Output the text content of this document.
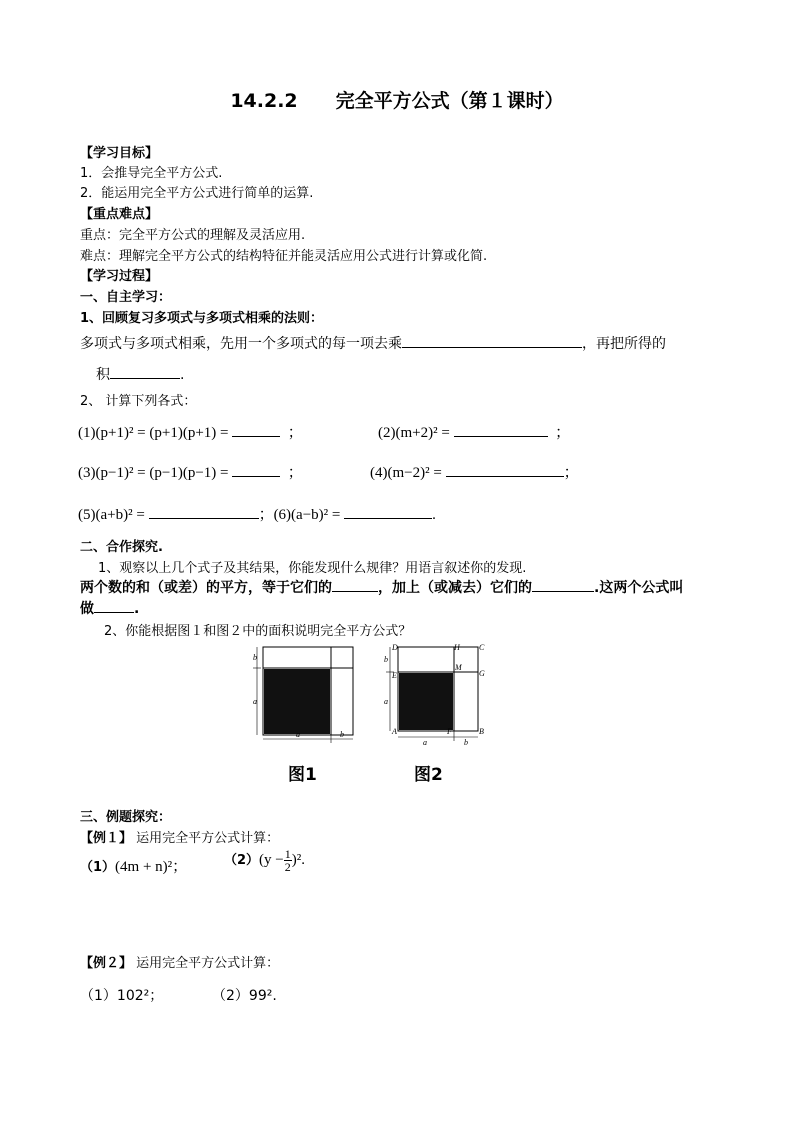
14.2.2　　完全平方公式（第１课时）
【学习目标】
1．会推导完全平方公式.
2．能运用完全平方公式进行简单的运算.
【重点难点】
重点：完全平方公式的理解及灵活应用.
难点：理解完全平方公式的结构特征并能灵活应用公式进行计算或化简.
【学习过程】
一、自主学习：
1、回顾复习多项式与多项式相乘的法则：
多项式与多项式相乘，先用一个多项式的每一项去乘	，再把所得的
积	.
2、 计算下列各式：
(1)(p+1)² = (p+1)(p+1) =	；	(2)(m+2)² =	；
(3)(p−1)² = (p−1)(p−1) =	；	(4)(m−2)² =	；
(5)(a+b)² =	；(6)(a−b)² =	.
二、合作探究.
1、观察以上几个式子及其结果，你能发现什么规律？用语言叙述你的发现.
两个数的和（或差）的平方，等于它们的	，加上（或减去）它们的	.这两个公式叫
做	.
2、你能根据图１和图２中的面积说明完全平方公式？
b
a
a	b
D	H C
M
G
E
A	F	B
b
a
a	b
图1	图2
三、例题探究：
【例１】 运用完全平方公式计算：
（1）(4m + n)²；	$(2)(y - \frac{1}{2} )^2$.
【例２】 运用完全平方公式计算：
（1）102²；	（2）99².
